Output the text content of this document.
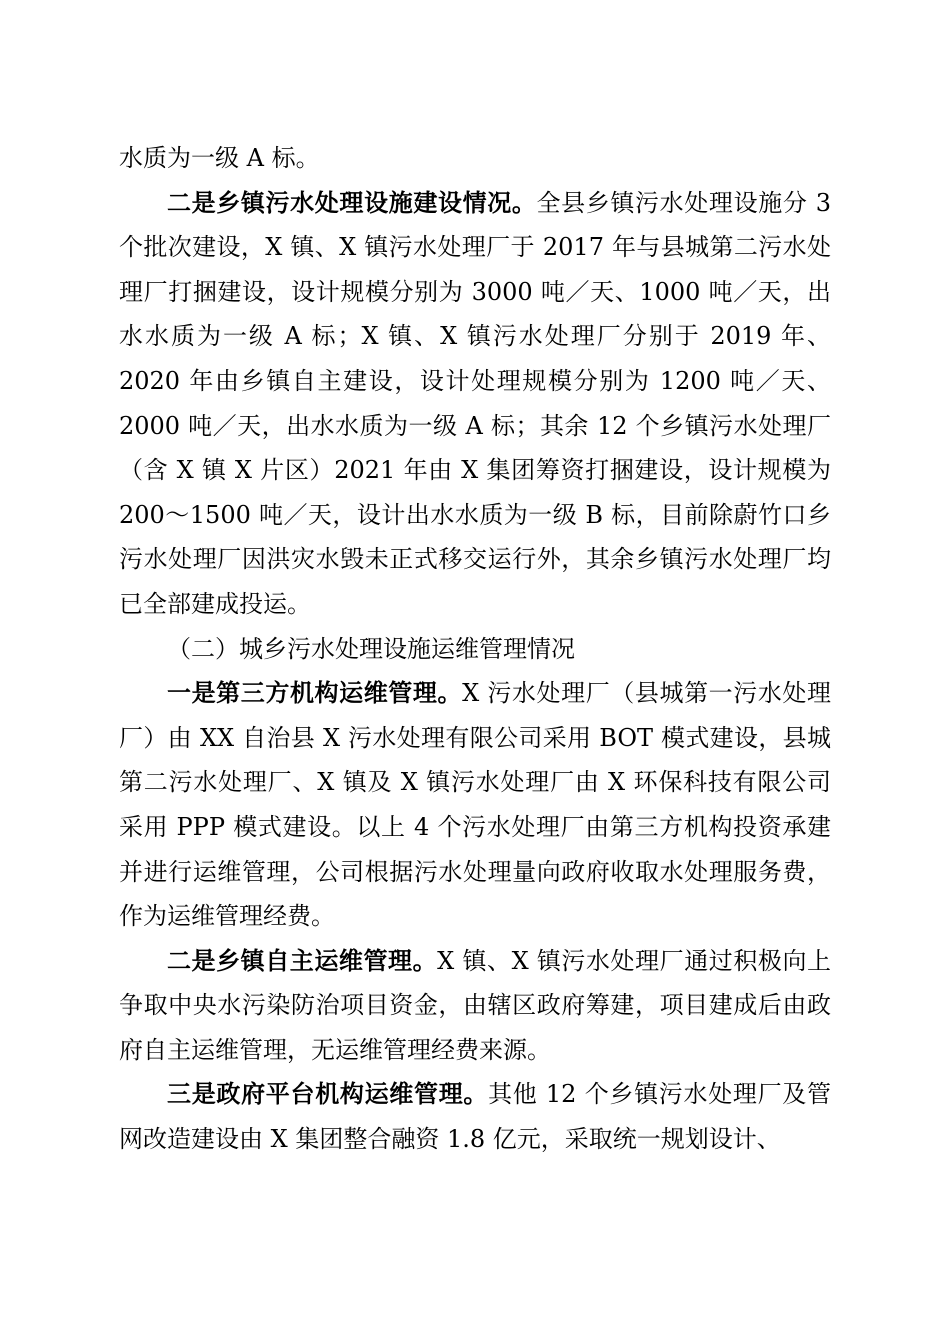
水质为一级 A 标。

二是乡镇污水处理设施建设情况。全县乡镇污水处理设施分 3 个批次建设，X 镇、X 镇污水处理厂于 2017 年与县城第二污水处理厂打捆建设，设计规模分别为 3000 吨／天、1000 吨／天，出水水质为一级 A 标；X 镇、X 镇污水处理厂分别于 2019 年、2020 年由乡镇自主建设，设计处理规模分别为 1200 吨／天、2000 吨／天，出水水质为一级 A 标；其余 12 个乡镇污水处理厂（含 X 镇 X 片区）2021 年由 X 集团筹资打捆建设，设计规模为 200～1500 吨／天，设计出水水质为一级 B 标，目前除蔚竹口乡污水处理厂因洪灾水毁未正式移交运行外，其余乡镇污水处理厂均已全部建成投运。

（二）城乡污水处理设施运维管理情况

一是第三方机构运维管理。X 污水处理厂（县城第一污水处理厂）由 XX 自治县 X 污水处理有限公司采用 BOT 模式建设，县城第二污水处理厂、X 镇及 X 镇污水处理厂由 X 环保科技有限公司采用 PPP 模式建设。以上 4 个污水处理厂由第三方机构投资承建并进行运维管理，公司根据污水处理量向政府收取水处理服务费，作为运维管理经费。

二是乡镇自主运维管理。X 镇、X 镇污水处理厂通过积极向上争取中央水污染防治项目资金，由辖区政府筹建，项目建成后由政府自主运维管理，无运维管理经费来源。

三是政府平台机构运维管理。其他 12 个乡镇污水处理厂及管网改造建设由 X 集团整合融资 1.8 亿元，采取统一规划设计、
